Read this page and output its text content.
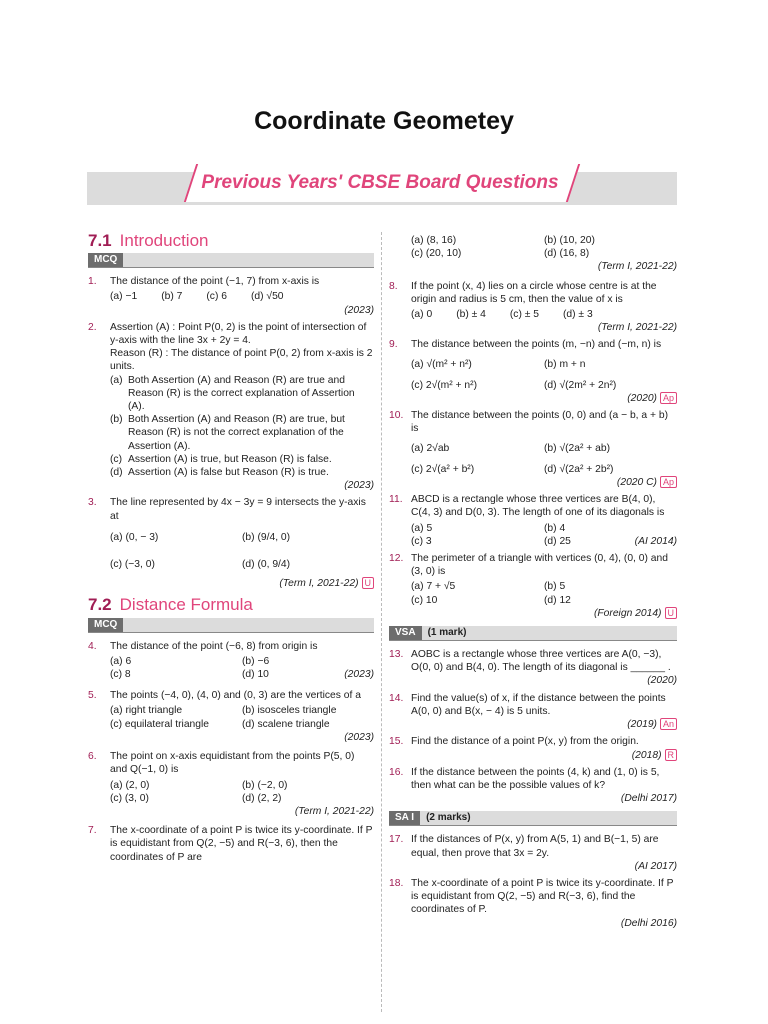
Coordinate Geometey
Previous Years' CBSE Board Questions
7.1 Introduction
MCQ
1. The distance of the point (−1, 7) from x-axis is
(a) −1 (b) 7 (c) 6 (d) √50
(2023)
2. Assertion (A) : Point P(0, 2) is the point of intersection of y-axis with the line 3x + 2y = 4.
Reason (R) : The distance of point P(0, 2) from x-axis is 2 units.
(a) Both Assertion (A) and Reason (R) are true and Reason (R) is the correct explanation of Assertion (A).
(b) Both Assertion (A) and Reason (R) are true, but Reason (R) is not the correct explanation of the Assertion (A).
(c) Assertion (A) is true, but Reason (R) is false.
(d) Assertion (A) is false but Reason (R) is true.
(2023)
3. The line represented by 4x − 3y = 9 intersects the y-axis at
(a) (0, − 3)	(b) (9/4, 0)
(c) (−3, 0)	(d) (0, 9/4)
(Term I, 2021-22) U
7.2 Distance Formula
MCQ
4. The distance of the point (−6, 8) from origin is
(a) 6	(b) −6
(c) 8	(d) 10	(2023)
5. The points (−4, 0), (4, 0) and (0, 3) are the vertices of a
(a) right triangle	(b) isosceles triangle
(c) equilateral triangle	(d) scalene triangle
(2023)
6. The point on x-axis equidistant from the points P(5, 0) and Q(−1, 0) is
(a) (2, 0)	(b) (−2, 0)
(c) (3, 0)	(d) (2, 2)
(Term I, 2021-22)
7. The x-coordinate of a point P is twice its y-coordinate. If P is equidistant from Q(2, −5) and R(−3, 6), then the coordinates of P are
(a) (8, 16)	(b) (10, 20)
(c) (20, 10)	(d) (16, 8)
(Term I, 2021-22)
8. If the point (x, 4) lies on a circle whose centre is at the origin and radius is 5 cm, then the value of x is
(a) 0 (b) ± 4 (c) ± 5 (d) ± 3
(Term I, 2021-22)
9. The distance between the points (m, −n) and (−m, n) is
(a) √(m² + n²)	(b) m + n
(c) 2√(m² + n²)	(d) √(2m² + 2n²)
(2020) Ap
10. The distance between the points (0, 0) and (a − b, a + b) is
(a) 2√ab	(b) √(2a² + ab)
(c) 2√(a² + b²)	(d) √(2a² + 2b²)
(2020 C) Ap
11. ABCD is a rectangle whose three vertices are B(4, 0), C(4, 3) and D(0, 3). The length of one of its diagonals is
(a) 5	(b) 4
(c) 3	(d) 25	(AI 2014)
12. The perimeter of a triangle with vertices (0, 4), (0, 0) and (3, 0) is
(a) 7 + √5	(b) 5
(c) 10	(d) 12
(Foreign 2014) U
VSA (1 mark)
13. AOBC is a rectangle whose three vertices are A(0, −3), O(0, 0) and B(4, 0). The length of its diagonal is ______ .
(2020)
14. Find the value(s) of x, if the distance between the points A(0, 0) and B(x, − 4) is 5 units.
(2019) An
15. Find the distance of a point P(x, y) from the origin.
(2018) R
16. If the distance between the points (4, k) and (1, 0) is 5, then what can be the possible values of k?
(Delhi 2017)
SA I (2 marks)
17. If the distances of P(x, y) from A(5, 1) and B(−1, 5) are equal, then prove that 3x = 2y.
(AI 2017)
18. The x-coordinate of a point P is twice its y-coordinate. If P is equidistant from Q(2, −5) and R(−3, 6), find the coordinates of P.
(Delhi 2016)
